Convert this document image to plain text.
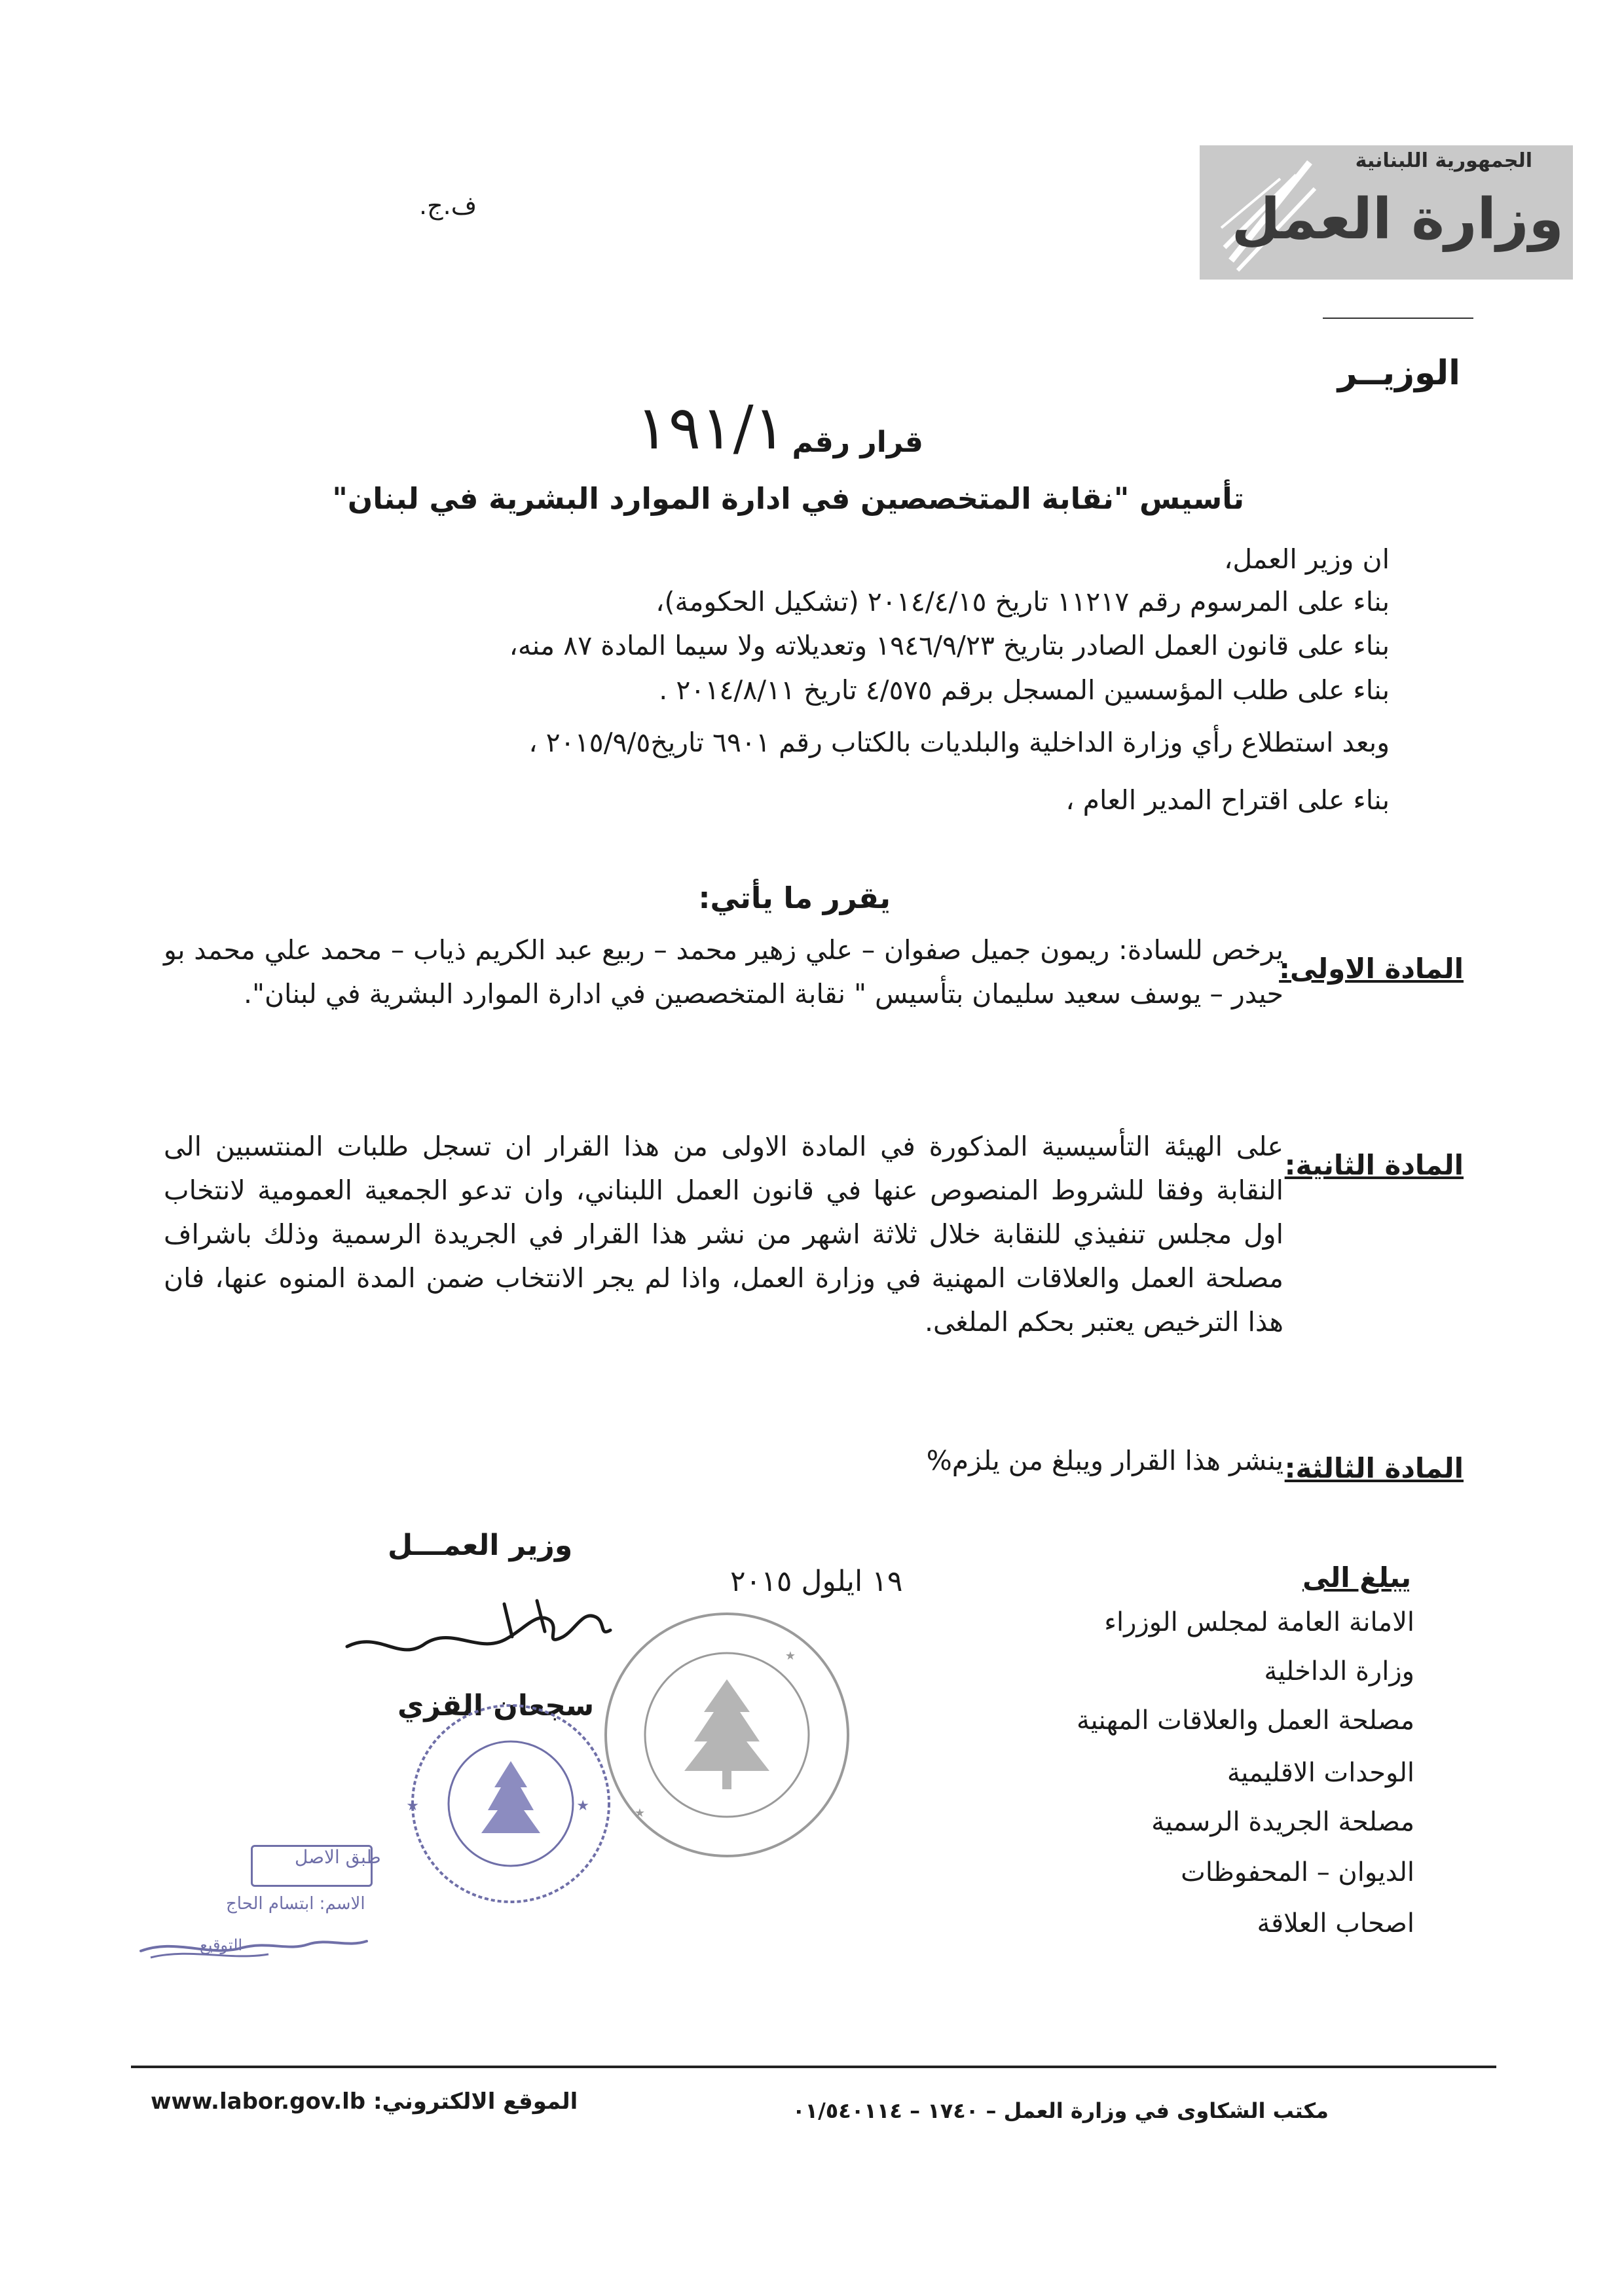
الجمهورية اللبنانية
وزارة العمل
ف.ج.
الوزيــر
قرار رقم
١٩١/١
تأسيس "نقابة المتخصصين في ادارة الموارد البشرية في لبنان"
ان وزير العمل،
بناء على المرسوم رقم ١١٢١٧ تاريخ ٢٠١٤/٤/١٥ (تشكيل الحكومة)،
بناء على قانون العمل الصادر بتاريخ ١٩٤٦/٩/٢٣ وتعديلاته ولا سيما المادة ٨٧ منه،
بناء على طلب المؤسسين المسجل برقم ٤/٥٧٥ تاريخ ٢٠١٤/٨/١١ .
وبعد استطلاع رأي وزارة الداخلية والبلديات بالكتاب رقم ٦٩٠١ تاريخ٢٠١٥/٩/٥ ،
بناء على اقتراح المدير العام ،
يقرر ما يأتي:
المادة الاولى:
يرخص للسادة: ريمون جميل صفوان – علي زهير محمد – ربيع عبد الكريم ذياب – محمد علي محمد بو حيدر – يوسف سعيد سليمان بتأسيس " نقابة المتخصصين في ادارة الموارد البشرية في لبنان".
المادة الثانية:
على الهيئة التأسيسية المذكورة في المادة الاولى من هذا القرار ان تسجل طلبات المنتسبين الى النقابة وفقا للشروط المنصوص عنها في قانون العمل اللبناني، وان تدعو الجمعية العمومية لانتخاب اول مجلس تنفيذي للنقابة خلال ثلاثة اشهر من نشر هذا القرار في الجريدة الرسمية وذلك باشراف مصلحة العمل والعلاقات المهنية في وزارة العمل، واذا لم يجر الانتخاب ضمن المدة المنوه عنها، فان هذا الترخيص يعتبر بحكم الملغى.
المادة الثالثة:
ينشر هذا القرار ويبلغ من يلزم%
وزير العمـــل
١٩ ايلول ٢٠١٥
سجعان القزي
يبلغ الى
الامانة العامة لمجلس الوزراء
وزارة الداخلية
مصلحة العمل والعلاقات المهنية
الوحدات الاقليمية
مصلحة الجريدة الرسمية
الديوان – المحفوظات
اصحاب العلاقة
★
★
★	★
طبق الاصل
الاسم: ابتسام الحاج
التوقيع
الموقع الالكتروني: www.labor.gov.lb	مكتب الشكاوى في وزارة العمل – ١٧٤٠ – ٠١/٥٤٠١١٤
